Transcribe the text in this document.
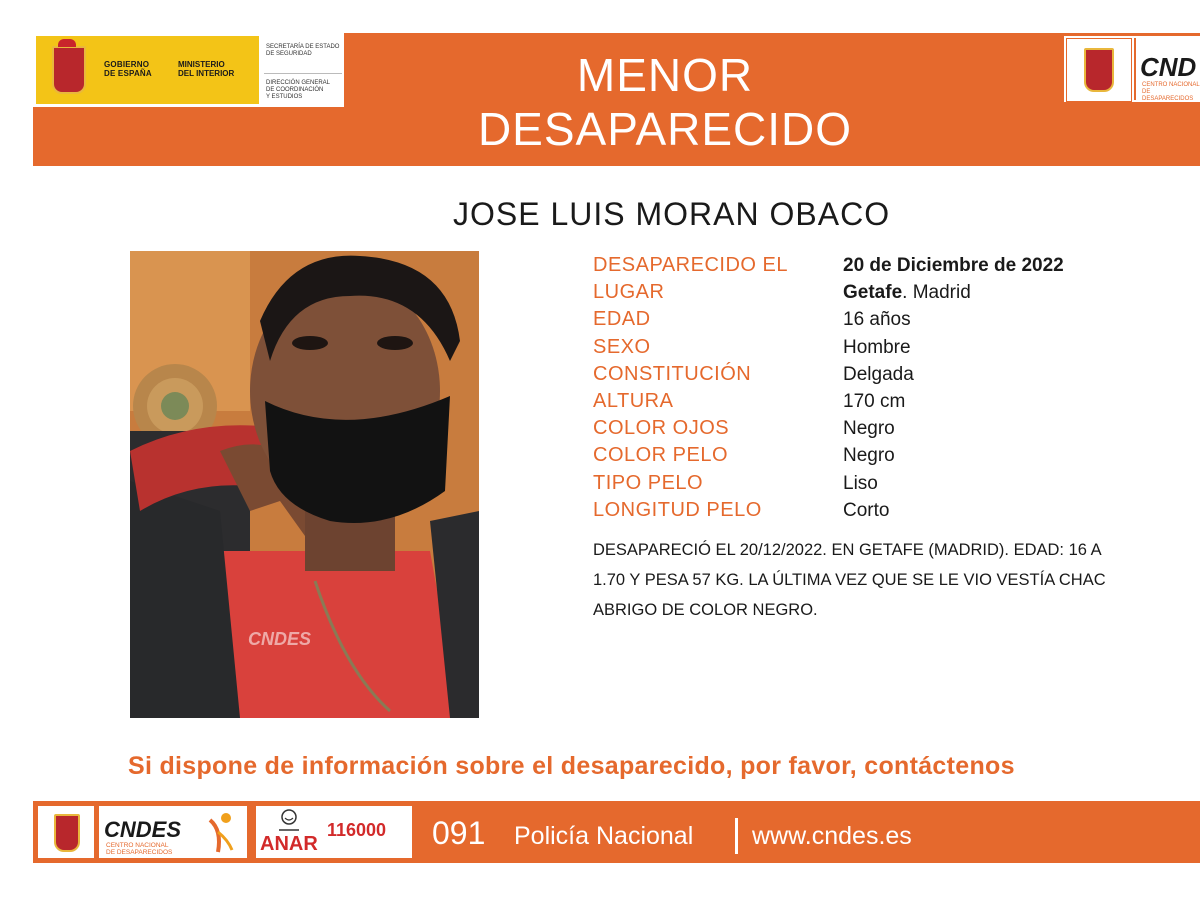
GOBIERNO
DE ESPAÑA
MINISTERIO
DEL INTERIOR
SECRETARÍA DE ESTADO
DE SEGURIDAD
DIRECCIÓN GENERAL
DE COORDINACIÓN
Y ESTUDIOS	MENOR
DESAPARECIDO
CND
CENTRO NACIONAL
DE DESAPARECIDOS
JOSE LUIS MORAN OBACO
CNDES
DESAPARECIDO EL	20 de Diciembre de 2022
LUGAR	Getafe. Madrid
EDAD	16 años
SEXO	Hombre
CONSTITUCIÓN	Delgada
ALTURA	170 cm
COLOR OJOS	Negro
COLOR PELO	Negro
TIPO PELO	Liso
LONGITUD PELO	Corto
DESAPARECIÓ EL 20/12/2022. EN GETAFE (MADRID). EDAD: 16 A
1.70 Y PESA 57 KG. LA ÚLTIMA VEZ QUE SE LE VIO VESTÍA CHAC
ABRIGO DE COLOR NEGRO.
Si dispone de información sobre el desaparecido, por favor, contáctenos
CNDES
CENTRO NACIONAL
DE DESAPARECIDOS	ANAR
116000 091 Policía Nacional www.cndes.es
